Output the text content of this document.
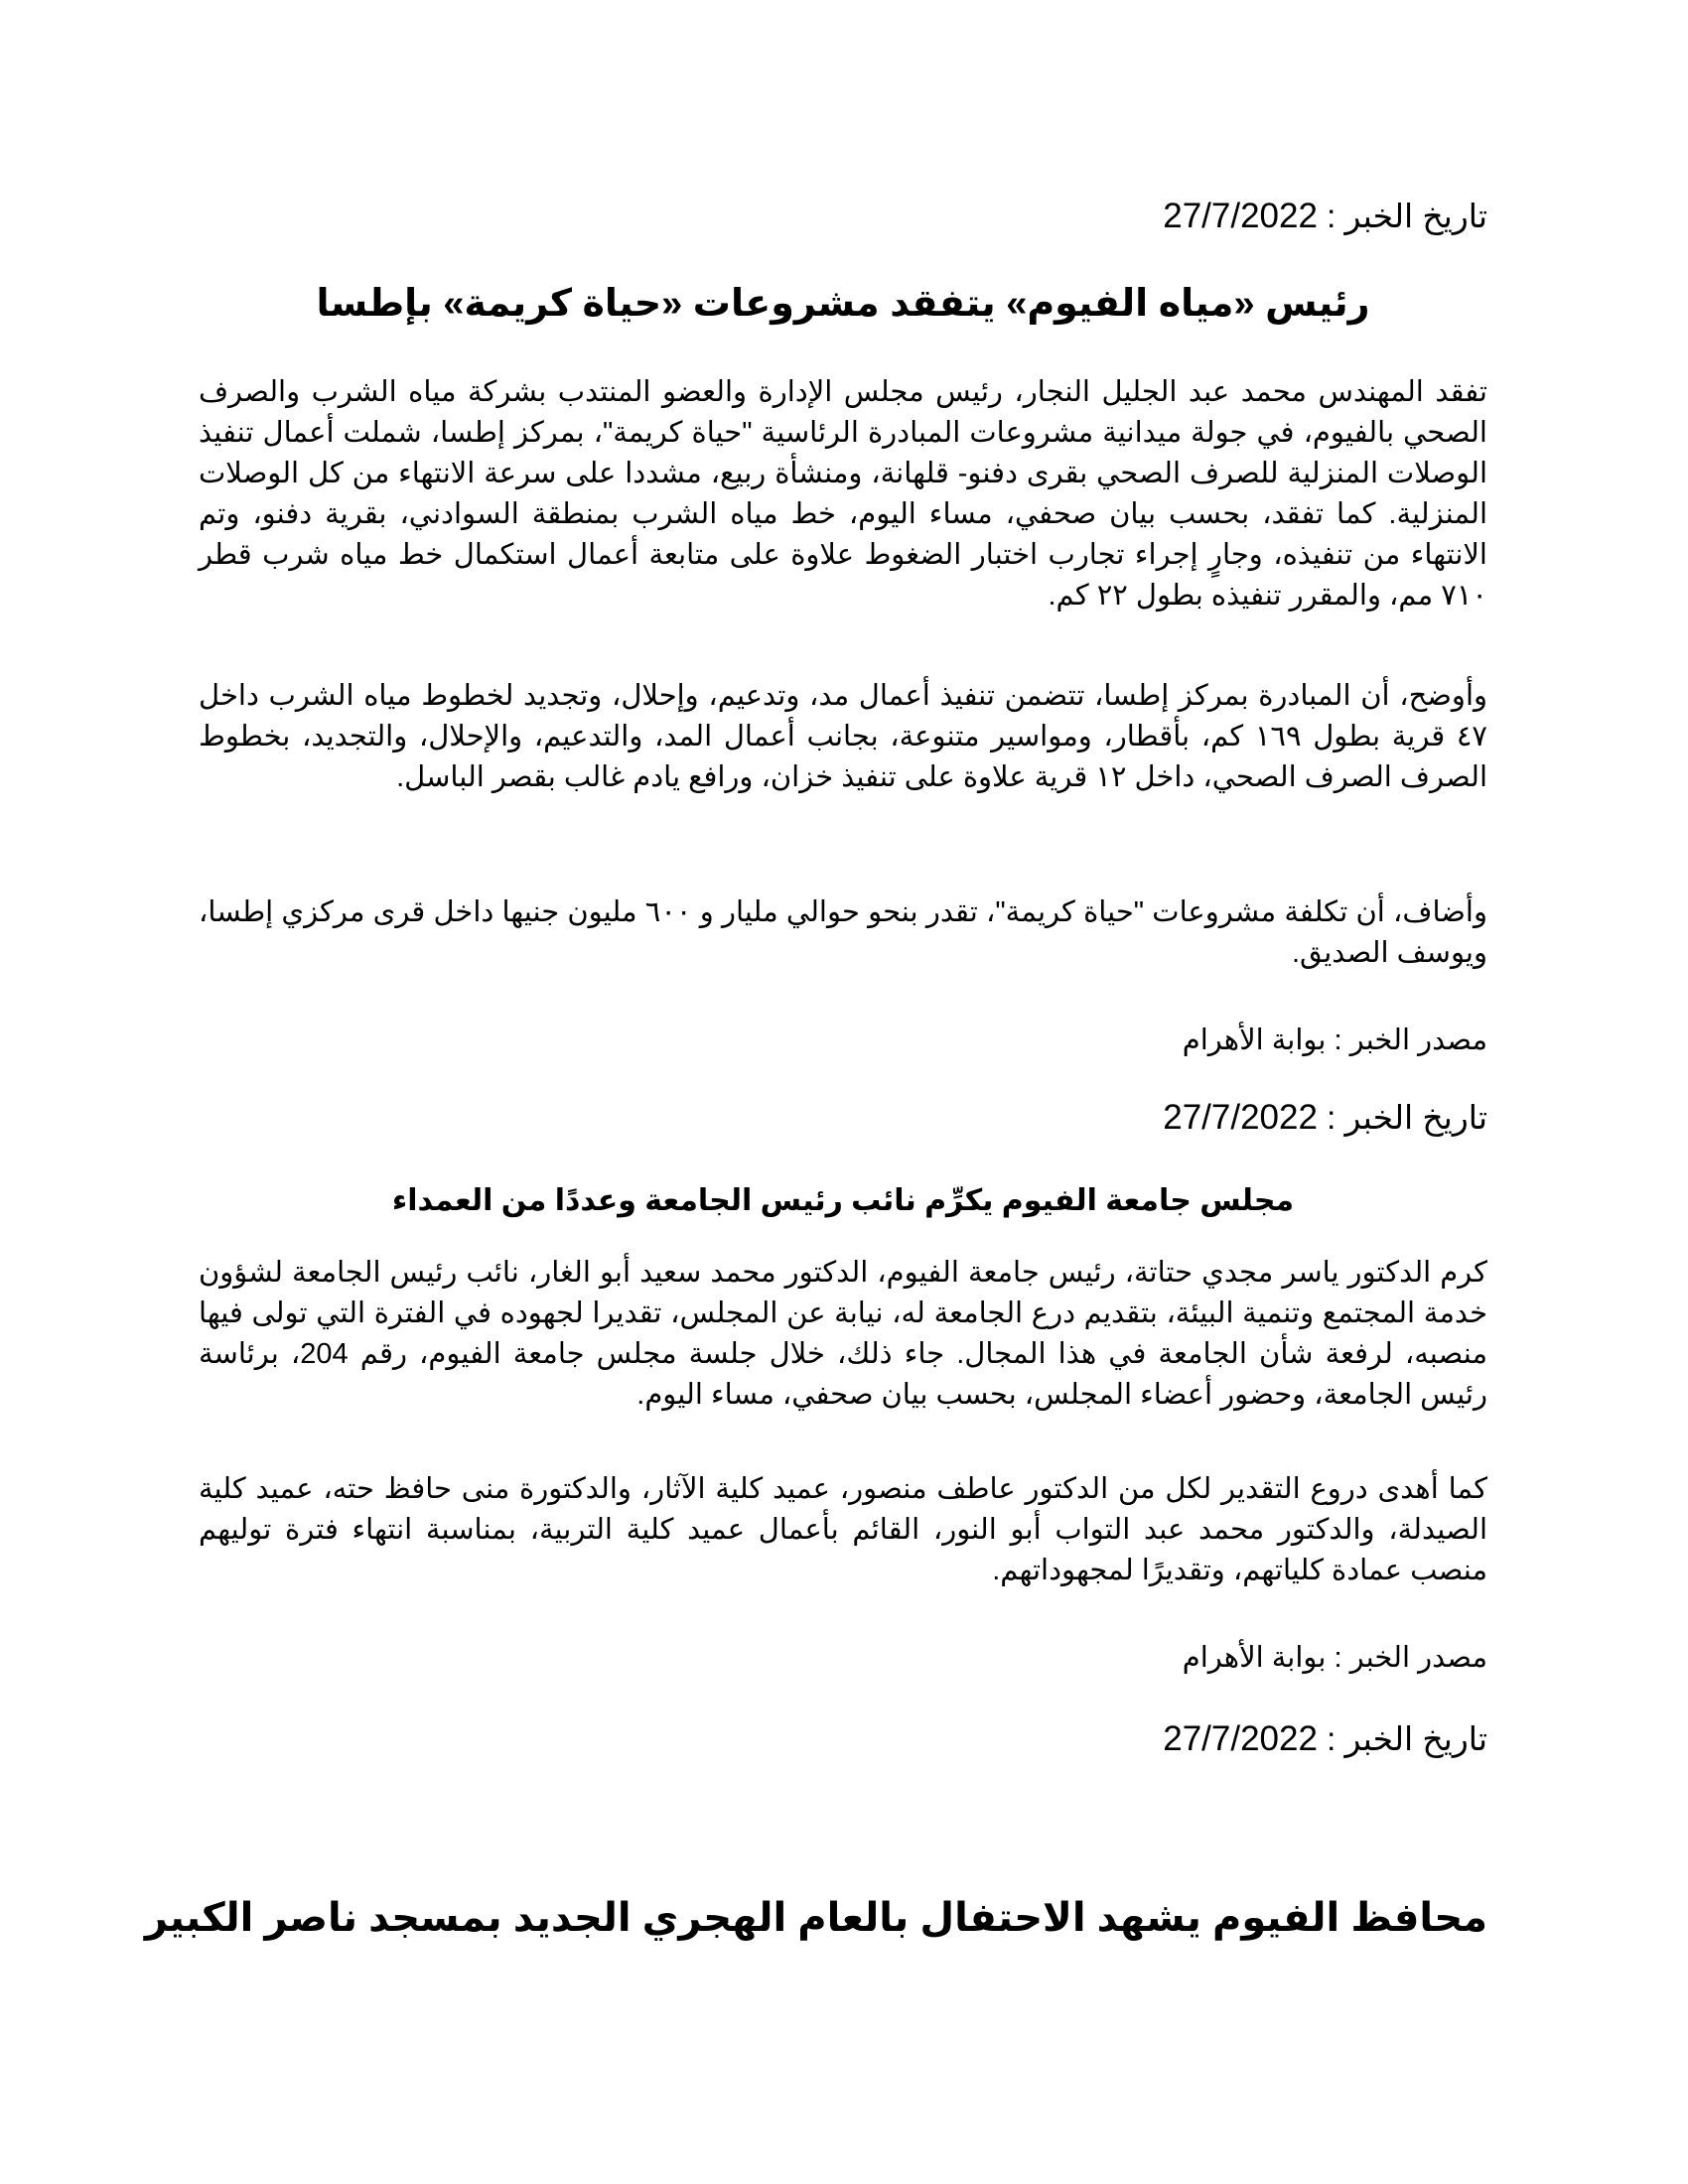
تاريخ الخبر : 27/7/2022
رئيس «مياه الفيوم» يتفقد مشروعات «حياة كريمة» بإطسا

تفقد المهندس محمد عبد الجليل النجار، رئيس مجلس الإدارة والعضو المنتدب بشركة مياه الشرب والصرف الصحي بالفيوم، في جولة ميدانية مشروعات المبادرة الرئاسية "حياة كريمة"، بمركز إطسا، شملت أعمال تنفيذ الوصلات المنزلية للصرف الصحي بقرى دفنو- قلهانة، ومنشأة ربيع، مشددا على سرعة الانتهاء من كل الوصلات المنزلية. كما تفقد، بحسب بيان صحفي، مساء اليوم، خط مياه الشرب بمنطقة السوادني، بقرية دفنو، وتم الانتهاء من تنفيذه، وجارٍ إجراء تجارب اختبار الضغوط علاوة على متابعة أعمال استكمال خط مياه شرب قطر ٧١٠ مم، والمقرر تنفيذه بطول ٢٢ كم.

وأوضح، أن المبادرة بمركز إطسا، تتضمن تنفيذ أعمال مد، وتدعيم، وإحلال، وتجديد لخطوط مياه الشرب داخل ٤٧ قرية بطول ١٦٩ كم، بأقطار، ومواسير متنوعة، بجانب أعمال المد، والتدعيم، والإحلال، والتجديد، بخطوط الصرف الصرف الصحي، داخل ١٢ قرية علاوة على تنفيذ خزان، ورافع يادم غالب بقصر الباسل.

وأضاف، أن تكلفة مشروعات "حياة كريمة"، تقدر بنحو حوالي مليار و ٦٠٠ مليون جنيها داخل قرى مركزي إطسا، ويوسف الصديق.

مصدر الخبر : بوابة الأهرام
تاريخ الخبر : 27/7/2022
مجلس جامعة الفيوم يكرِّم نائب رئيس الجامعة وعددًا من العمداء

كرم الدكتور ياسر مجدي حتاتة، رئيس جامعة الفيوم، الدكتور محمد سعيد أبو الغار، نائب رئيس الجامعة لشؤون خدمة المجتمع وتنمية البيئة، بتقديم درع الجامعة له، نيابة عن المجلس، تقديرا لجهوده في الفترة التي تولى فيها منصبه، لرفعة شأن الجامعة في هذا المجال. جاء ذلك، خلال جلسة مجلس جامعة الفيوم، رقم 204، برئاسة رئيس الجامعة، وحضور أعضاء المجلس، بحسب بيان صحفي، مساء اليوم.

كما أهدى دروع التقدير لكل من الدكتور عاطف منصور، عميد كلية الآثار، والدكتورة منى حافظ حته، عميد كلية الصيدلة، والدكتور محمد عبد التواب أبو النور، القائم بأعمال عميد كلية التربية، بمناسبة انتهاء فترة توليهم منصب عمادة كلياتهم، وتقديرًا لمجهوداتهم.

مصدر الخبر : بوابة الأهرام
تاريخ الخبر : 27/7/2022
محافظ الفيوم يشهد الاحتفال بالعام الهجري الجديد بمسجد ناصر الكبير
